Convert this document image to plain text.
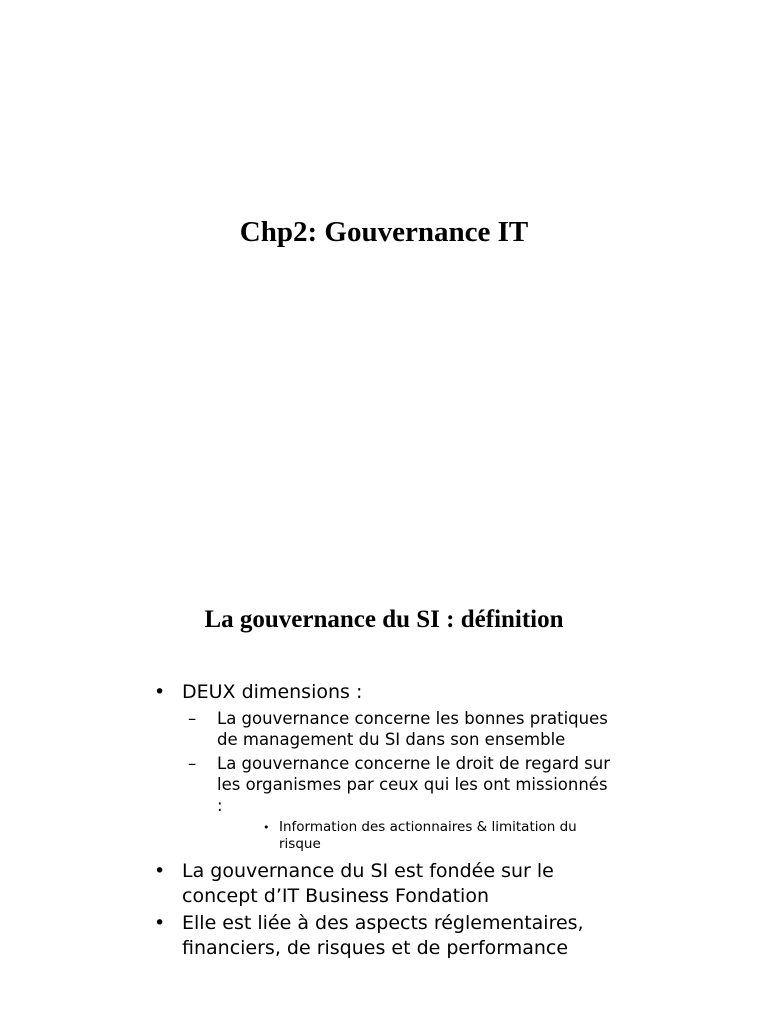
Chp2: Gouvernance IT
La gouvernance du SI : définition
• DEUX dimensions :
– La gouvernance concerne les bonnes pratiques de management du SI dans son ensemble
– La gouvernance concerne le droit de regard sur les organismes par ceux qui les ont missionnés :
• Information des actionnaires & limitation du risque
• La gouvernance du SI est fondée sur le concept d’IT Business Fondation
• Elle est liée à des aspects réglementaires, financiers, de risques et de performance
